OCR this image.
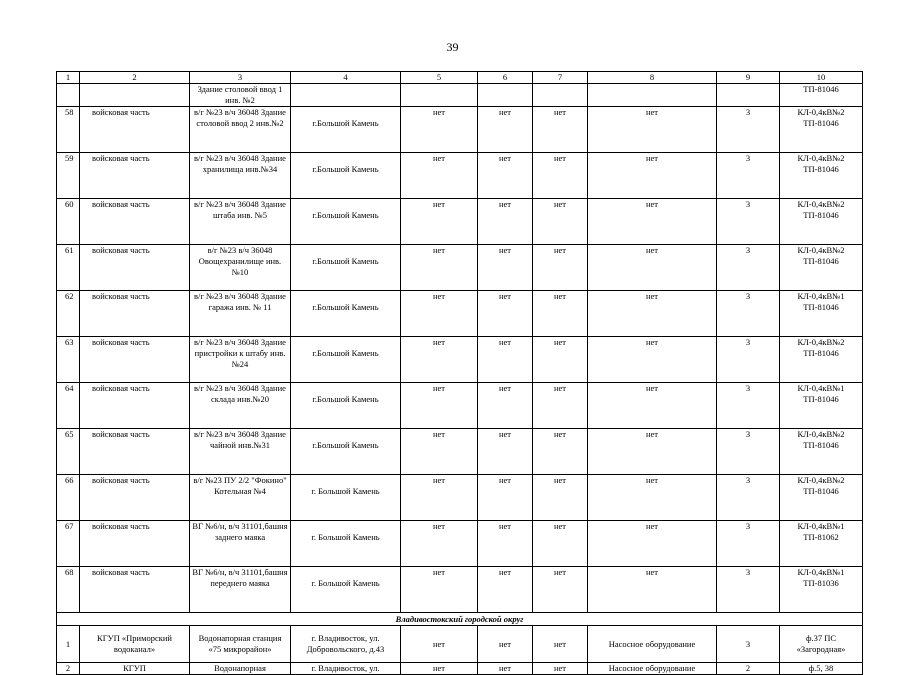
39
1	2	3	4	5	6	7	8	9	10
		Здание столовой ввод 1 инв. №2							ТП-81046
58	войсковая часть	в/г №23 в/ч 36048 Здание столовой ввод 2 инв.№2	г.Большой Камень	нет	нет	нет	нет	3	КЛ-0,4кВ№2 ТП-81046
59	войсковая часть	в/г №23 в/ч 36048 Здание хранилища инв.№34	г.Большой Камень	нет	нет	нет	нет	3	КЛ-0,4кВ№2 ТП-81046
60	войсковая часть	в/г №23 в/ч 36048 Здание штаба инв. №5	г.Большой Камень	нет	нет	нет	нет	3	КЛ-0,4кВ№2 ТП-81046
61	войсковая часть	в/г №23 в/ч 36048 Овощехранилище инв.№10	г.Большой Камень	нет	нет	нет	нет	3	КЛ-0,4кВ№2 ТП-81046
62	войсковая часть	в/г №23 в/ч 36048 Здание гаража инв. № 11	г.Большой Камень	нет	нет	нет	нет	3	КЛ-0,4кВ№1 ТП-81046
63	войсковая часть	в/г №23 в/ч 36048 Здание пристройки к штабу инв.№24	г.Большой Камень	нет	нет	нет	нет	3	КЛ-0,4кВ№2 ТП-81046
64	войсковая часть	в/г №23 в/ч 36048 Здание склада инв.№20	г.Большой Камень	нет	нет	нет	нет	3	КЛ-0,4кВ№1 ТП-81046
65	войсковая часть	в/г №23 в/ч 36048 Здание чайной инв.№31	г.Большой Камень	нет	нет	нет	нет	3	КЛ-0,4кВ№2 ТП-81046
66	войсковая часть	в/г №23 ПУ 2/2 "Фокино" Котельная №4	г. Большой Камень	нет	нет	нет	нет	3	КЛ-0,4кВ№2 ТП-81046
67	войсковая часть	ВГ №6/н, в/ч 31101,башня заднего маяка	г. Большой Камень	нет	нет	нет	нет	3	КЛ-0,4кВ№1 ТП-81062
68	войсковая часть	ВГ №6/н, в/ч 31101,башня переднего маяка	г. Большой Камень	нет	нет	нет	нет	3	КЛ-0,4кВ№1 ТП-81036
Владивостокский городской округ									
1	КГУП «Приморский водоканал»	Водонапорная станция «75 микрорайон»	г. Владивосток, ул. Добровольского, д.43	нет	нет	нет	Насосное оборудование	3	ф.37 ПС «Загородная»
2	КГУП	Водонапорная	г. Владивосток, ул.	нет	нет	нет	Насосное оборудование	2	ф.5, 38
